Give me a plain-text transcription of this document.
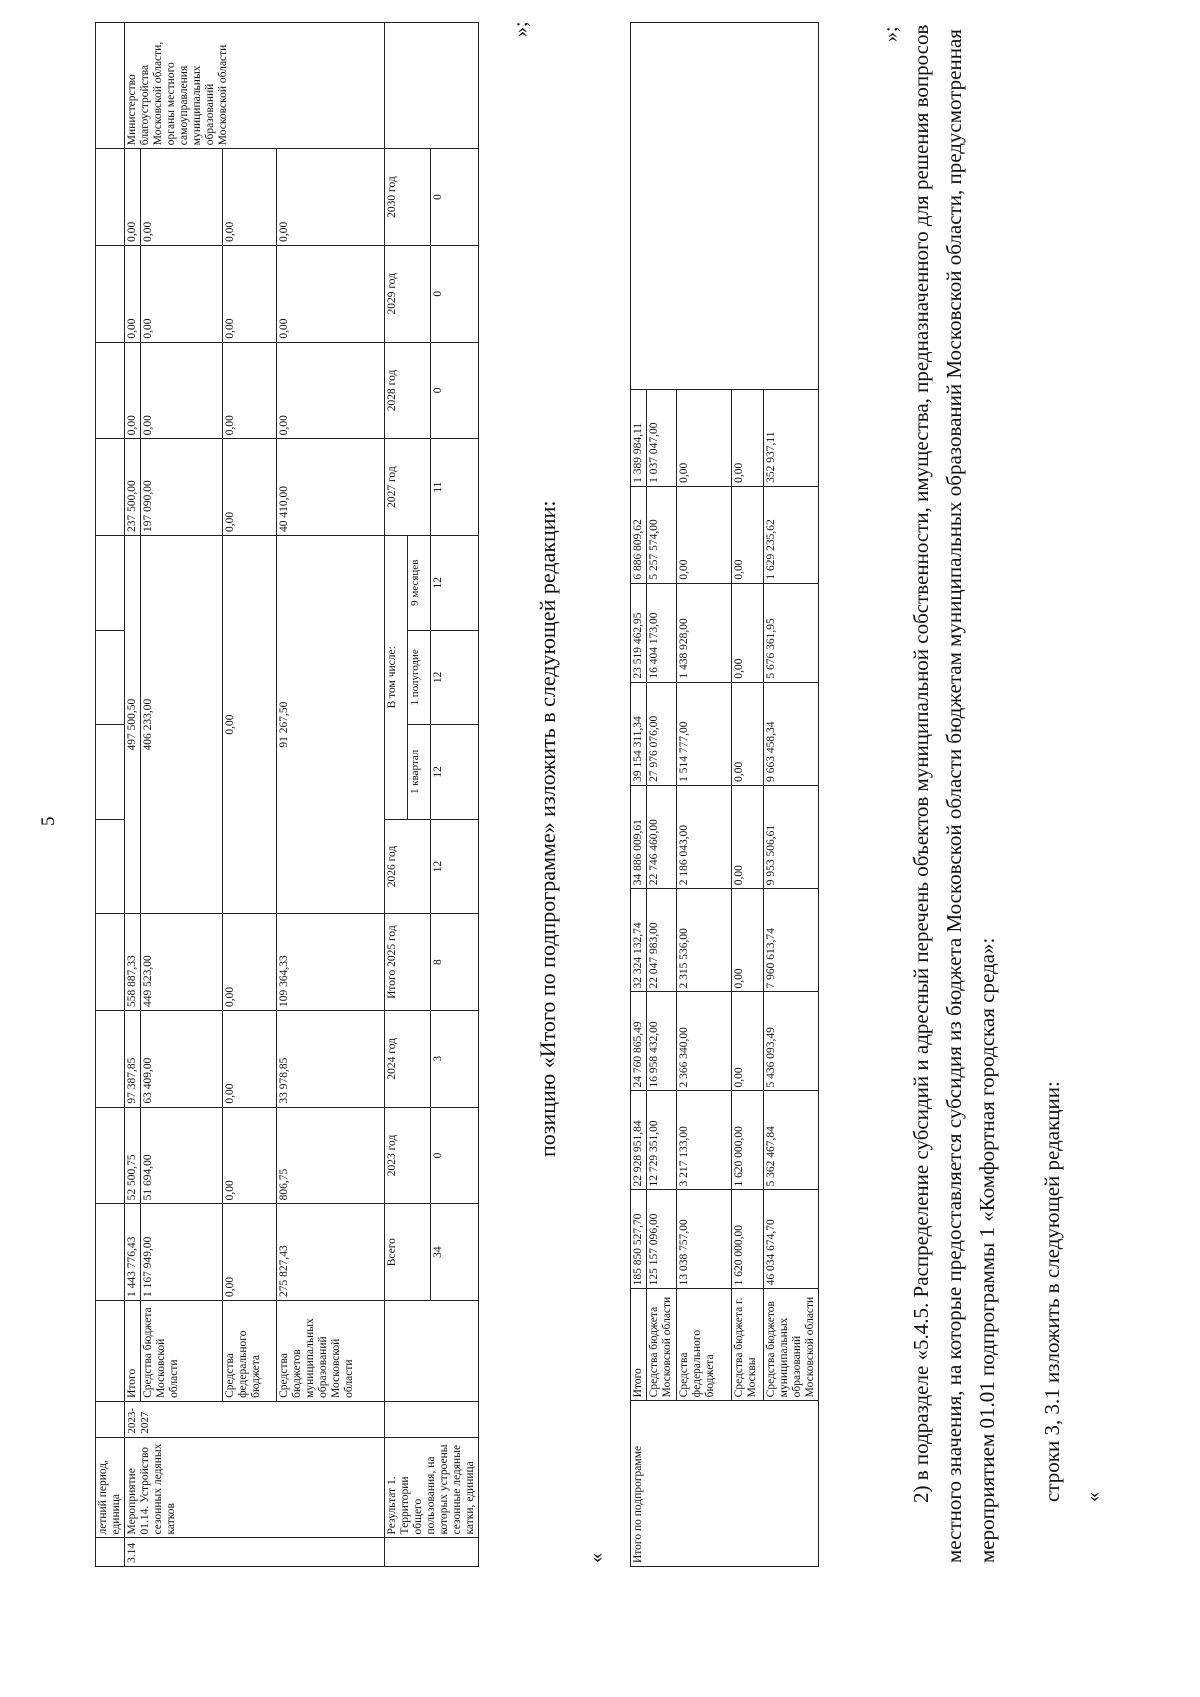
5
	летний период, единица															
3.14	Мероприятие 01.14. Устройство сезонных ледяных катков	2023-2027	Итого	1 443 776,43	52 500,75	97 387,85	558 887,33	497 500,50				237 500,00	0,00	0,00	0,00	Министерство благоустройства Московской области, органы местного самоуправления муниципальных образований Московской области
			Средства бюджета Московской области	1 167 949,00	51 694,00	63 409,00	449 523,00	406 233,00				197 090,00	0,00	0,00	0,00	
			Средства федерального бюджета	0,00	0,00	0,00	0,00	0,00				0,00	0,00	0,00	0,00	
			Средства бюджетов муниципальных образований Московской области	275 827,43	806,75	33 978,85	109 364,33	91 267,50				40 410,00	0,00	0,00	0,00	
	Результат 1. Территории общего пользования, на которых устроены сезонные ледяные катки, единица			Всего	2023 год	2024 год	Итого 2025 год	2026 год	В том числе:			2027 год	2028 год	2029 год	2030 год	
									1 квартал	1 полугодие	9 месяцев					
				34	0	3	8	12	12	12	12	11	0	0	0	
»;
позицию «Итого по подпрограмме» изложить в следующей редакции:
« Итого по подпрограмме	Итого	185 850 527,70	22 928 951,84	24 760 865,49	32 324 132,74	34 886 009,61	39 154 311,34	23 519 462,95	6 886 809,62	1 389 984,11	
	Средства бюджета Московской области	125 157 096,00	12 729 351,00	16 958 432,00	22 047 983,00	22 746 460,00	27 976 076,00	16 404 173,00	5 257 574,00	1 037 047,00	
	Средства федерального бюджета	13 038 757,00	3 217 133,00	2 366 340,00	2 315 536,00	2 186 043,00	1 514 777,00	1 438 928,00	0,00	0,00	
	Средства бюджета г. Москвы	1 620 000,00	1 620 000,00	0,00	0,00	0,00	0,00	0,00	0,00	0,00	
	Средства бюджетов муниципальных образований Московской области	46 034 674,70	5 362 467,84	5 436 093,49	7 960 613,74	9 953 506,61	9 663 458,34	5 676 361,95	1 629 235,62	352 937,11	
»; 2) в подразделе «5.4.5. Распределение субсидий и адресный перечень объектов муниципальной собственности, имущества, предназначенного для решения вопросов местного значения, на которые предоставляется субсидия из бюджета Московской области бюджетам муниципальных образований Московской области, предусмотренная мероприятием 01.01 подпрограммы 1 «Комфортная городская среда»: строки 3, 3.1 изложить в следующей редакции: «
